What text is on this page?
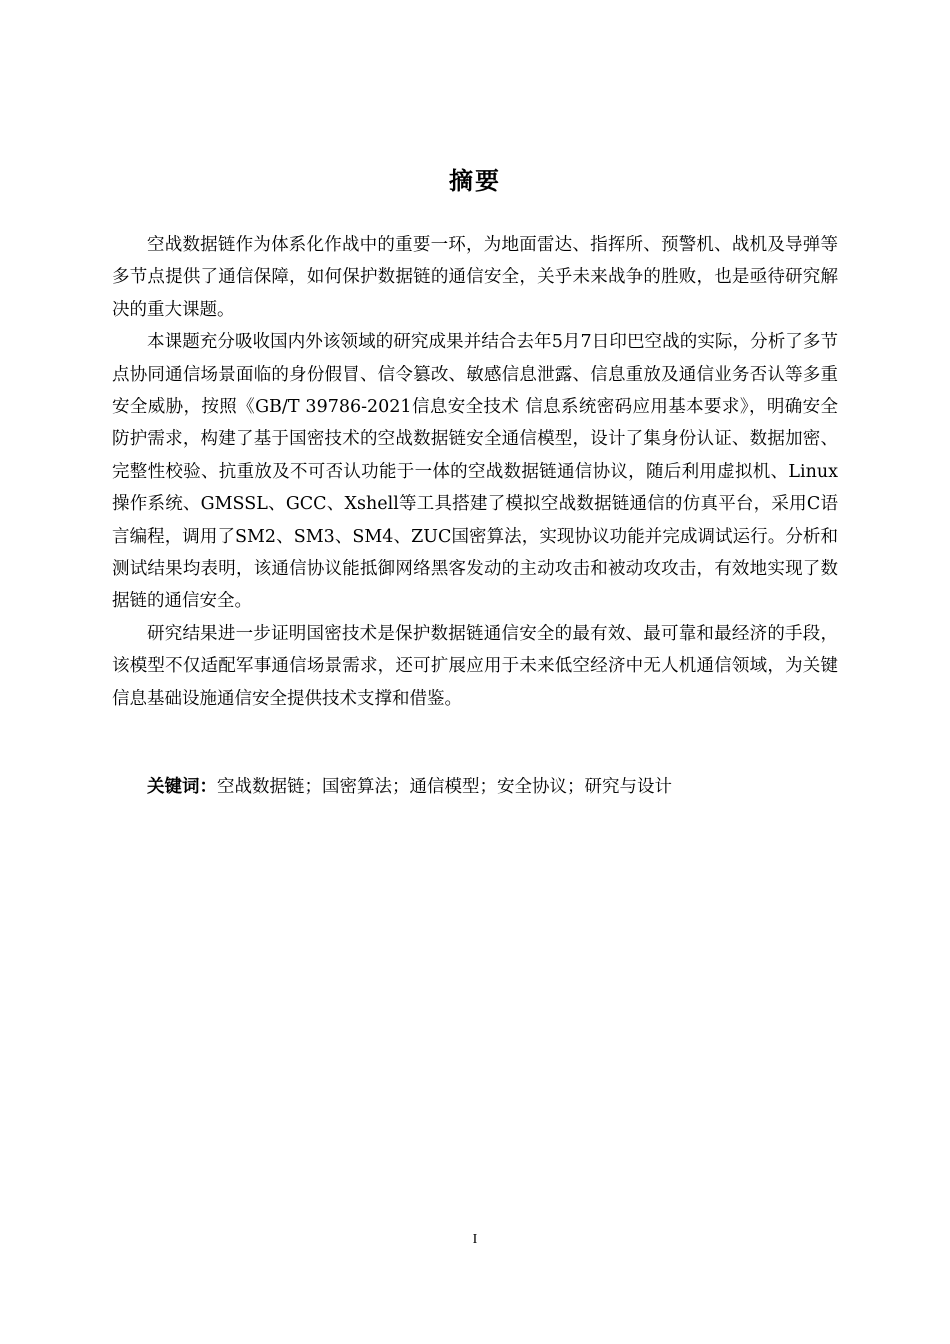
摘要

空战数据链作为体系化作战中的重要一环，为地面雷达、指挥所、预警机、战机及导弹等多节点提供了通信保障，如何保护数据链的通信安全，关乎未来战争的胜败，也是亟待研究解决的重大课题。

本课题充分吸收国内外该领域的研究成果并结合去年5月7日印巴空战的实际，分析了多节点协同通信场景面临的身份假冒、信令篡改、敏感信息泄露、信息重放及通信业务否认等多重安全威胁，按照《GB/T 39786-2021信息安全技术 信息系统密码应用基本要求》，明确安全防护需求，构建了基于国密技术的空战数据链安全通信模型，设计了集身份认证、数据加密、完整性校验、抗重放及不可否认功能于一体的空战数据链通信协议，随后利用虚拟机、Linux 操作系统、GMSSL、GCC、Xshell等工具搭建了模拟空战数据链通信的仿真平台，采用C语言编程，调用了SM2、SM3、SM4、ZUC国密算法，实现协议功能并完成调试运行。分析和测试结果均表明，该通信协议能抵御网络黑客发动的主动攻击和被动攻攻击，有效地实现了数据链的通信安全。

研究结果进一步证明国密技术是保护数据链通信安全的最有效、最可靠和最经济的手段，该模型不仅适配军事通信场景需求，还可扩展应用于未来低空经济中无人机通信领域，为关键信息基础设施通信安全提供技术支撑和借鉴。

关键词：空战数据链；国密算法；通信模型；安全协议；研究与设计
I
